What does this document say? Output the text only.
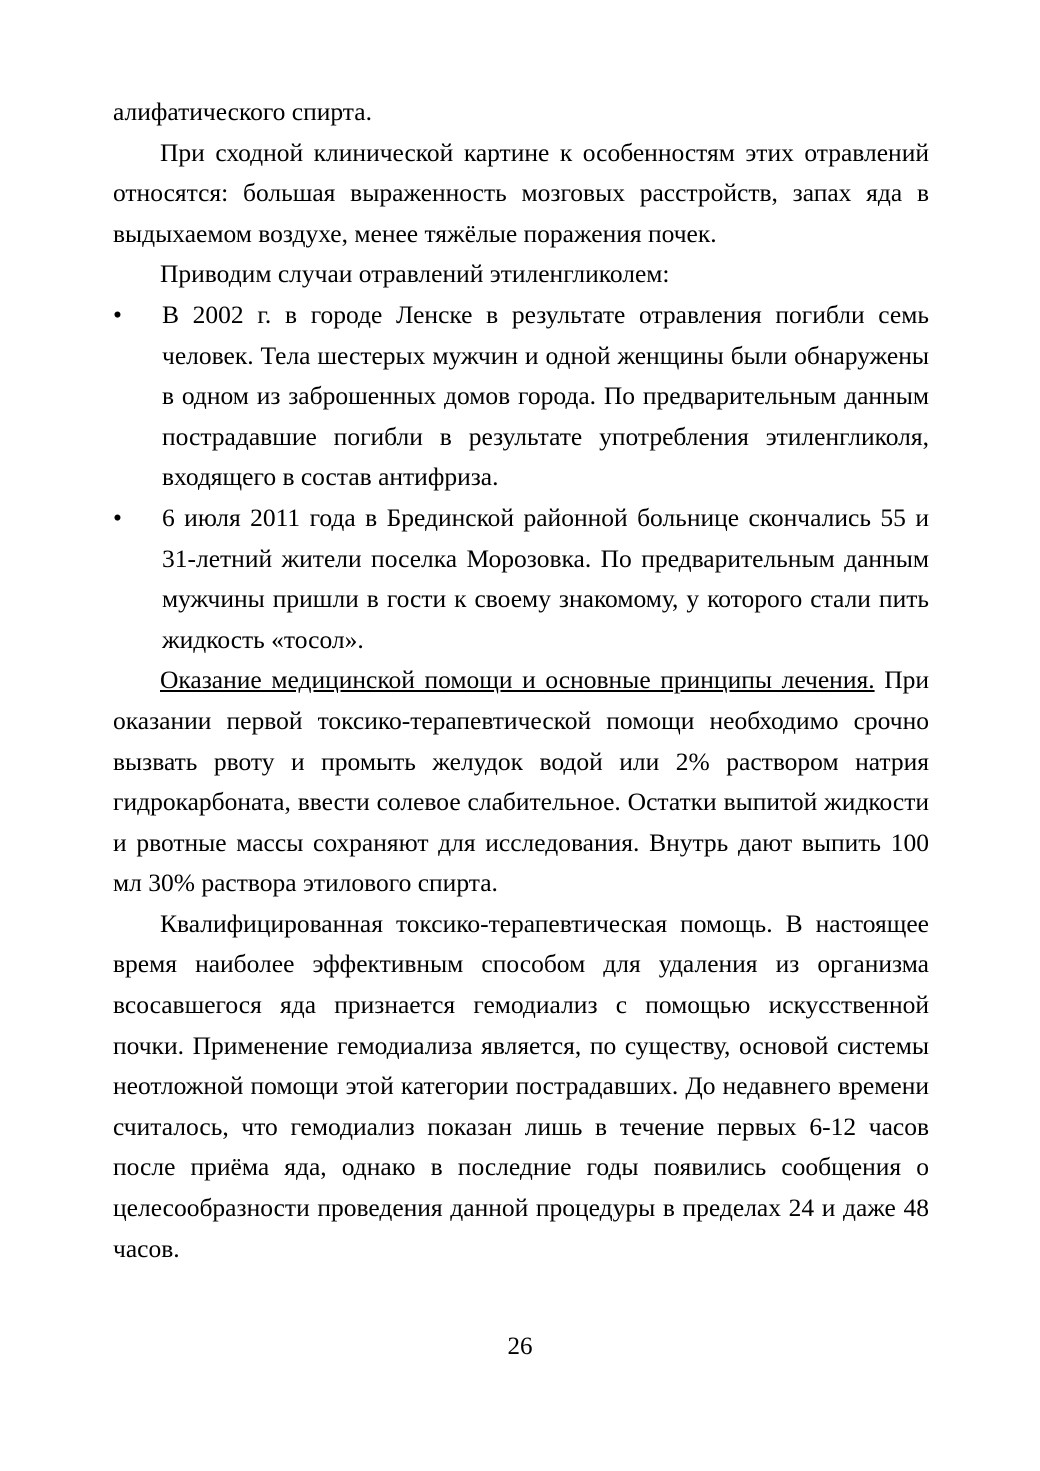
алифатического спирта.

При сходной клинической картине к особенностям этих отравлений относятся: большая выраженность мозговых расстройств, запах яда в выдыхаемом воздухе, менее тяжёлые поражения почек.

Приводим случаи отравлений этиленгликолем:

•	В 2002 г. в городе Ленске в результате отравления погибли семь человек. Тела шестерых мужчин и одной женщины были обнаружены в одном из заброшенных домов города. По предварительным данным пострадавшие погибли в результате употребления этиленгликоля, входящего в состав антифриза.
•	6 июля 2011 года в Брединской районной больнице скончались 55 и 31-летний жители поселка Морозовка. По предварительным данным мужчины пришли в гости к своему знакомому, у которого стали пить жидкость «тосол».

Оказание медицинской помощи и основные принципы лечения. При оказании первой токсико-терапевтической помощи необходимо срочно вызвать рвоту и промыть желудок водой или 2% раствором натрия гидрокарбоната, ввести солевое слабительное. Остатки выпитой жидкости и рвотные массы сохраняют для исследования. Внутрь дают выпить 100 мл 30% раствора этилового спирта.

Квалифицированная токсико-терапевтическая помощь. В настоящее время наиболее эффективным способом для удаления из организма всосавшегося яда признается гемодиализ с помощью искусственной почки. Применение гемодиализа является, по существу, основой системы неотложной помощи этой категории пострадавших. До недавнего времени считалось, что гемодиализ показан лишь в течение первых 6-12 часов после приёма яда, однако в последние годы появились сообщения о целесообразности проведения данной процедуры в пределах 24 и даже 48 часов.

26
